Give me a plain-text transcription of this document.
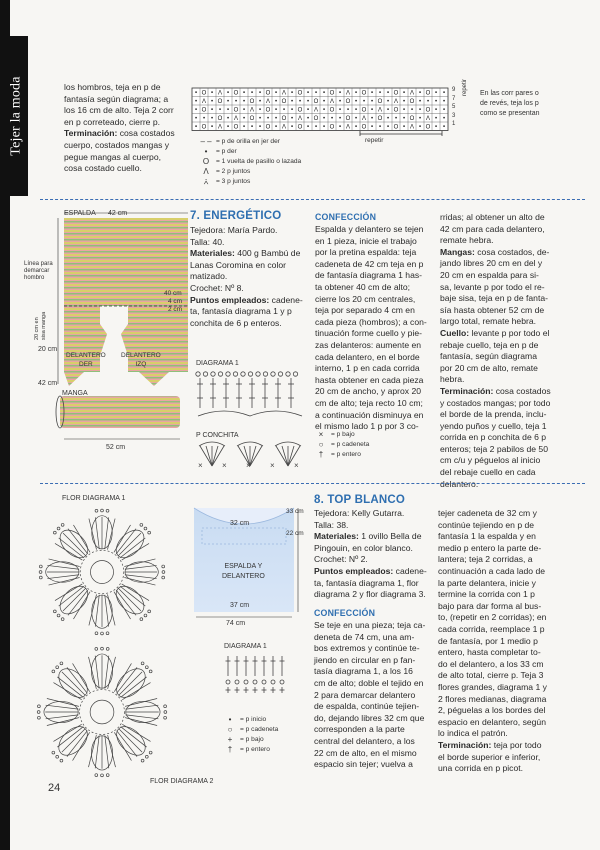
Tejer la moda	los hombros, teja en p de
fantasía según diagrama; a
los 16 cm de alto. Teja 2 corr
en p correteado, cierre p.
Terminación: cosa costados
cuerpo, costados mangas y
pegue mangas al cuerpo,
cosa costado cuello.
• O • Λ • O • • • O • Λ • O • • • O • Λ • O • • • O • Λ • O • •
• Λ • O • • • O • Λ • O • • • O • Λ • O • • • O • Λ • O • • • •
• O • • • O • Λ • O • • • O • Λ • O • • • O • Λ • O • • • O • •
• • • O • Λ • O • • • O • Λ • O • • • O • Λ • O • • • O • Λ • •
• O • Λ • O • • • O • Λ • O • • • O • Λ • O • • • O • Λ • O • •
repetir
9
7
5
3
1
repetir En las corr pares o
de revés, teja los p
como se presentan
– – = p de orilla en jer der
•	= p der
O	= 1 vuelta de pasillo o lazada
Λ	= 2 p juntos
⩑	= 3 p juntos
ESPALDA 42 cm
Línea para
demarcar
hombro
40 cm
4 cm
2 cm
20 cm en sisa manga
20 cm
42 cm
DELANTERO
DER
DELANTERO
IZQ
MANGA
52 cm
7. ENERGÉTICO
Tejedora: María Pardo.
Talla: 40.
Materiales: 400 g Bambú de
Lanas Coromina en color
matizado.
Crochet: Nº 8.
Puntos empleados: cadene-
ta, fantasía diagrama 1 y p
conchita de 6 p enteros.
DIAGRAMA 1
P CONCHITA
× × × × ×
CONFECCIÓN
Espalda y delantero se tejen
en 1 pieza, inicie el trabajo
por la pretina espalda: teja
cadeneta de 42 cm teja en p
de fantasía diagrama 1 has-
ta obtener 40 cm de alto;
cierre los 20 cm centrales,
teja por separado 4 cm en
cada pieza (hombros); a con-
tinuación forme cuello y pie-
zas delanteros: aumente en
cada delantero, en el borde
interno, 1 p en cada corrida
hasta obtener en cada pieza
20 cm de ancho, y aprox 20
cm de alto; teja recto 10 cm;
a continuación disminuya en
el mismo lado 1 p por 3 co-
×	= p bajo
○	= p cadeneta
†	= p entero
rridas; al obtener un alto de
42 cm para cada delantero,
remate hebra.
Mangas: cosa costados, de-
jando libres 20 cm en del y
20 cm en espalda para si-
sa, levante p por todo el re-
baje sisa, teja en p de fanta-
sía hasta obtener 52 cm de
largo total, remate hebra.
Cuello: levante p por todo el
rebaje cuello, teja en p de
fantasía, según diagrama
por 20 cm de alto, remate
hebra.
Terminación: cosa costados
y costados mangas; por todo
el borde de la prenda, inclu-
yendo puños y cuello, teja 1
corrida en p conchita de 6 p
enteros; teja 2 pabilos de 50
cm c/u y péguelos al inicio
del rebaje cuello en cada
delantero.
FLOR DIAGRAMA 1
FLOR DIAGRAMA 2
24
32 cm
33 cm
22 cm
ESPALDA Y
DELANTERO
37 cm
74 cm
DIAGRAMA 1
•	= p inicio
○	= p cadeneta
+	= p bajo
†	= p entero
8. TOP BLANCO
Tejedora: Kelly Gutarra.
Talla: 38.
Materiales: 1 ovillo Bella de
Pingouin, en color blanco.
Crochet: Nº 2.
Puntos empleados: cadene-
ta, fantasía diagrama 1, flor
diagrama 2 y flor diagrama 3.
CONFECCIÓN
Se teje en una pieza; teja ca-
deneta de 74 cm, una am-
bos extremos y continúe te-
jiendo en circular en p fan-
tasía diagrama 1, a los 16
cm de alto; doble el tejido en
2 para demarcar delantero
de espalda, continúe tejien-
do, dejando libres 32 cm que
corresponden a la parte
central del delantero, a los
22 cm de alto, en el mismo
espacio sin tejer; vuelva a
tejer cadeneta de 32 cm y
continúe tejiendo en p de
fantasía 1 la espalda y en
medio p entero la parte de-
lantera; teja 2 corridas, a
continuación a cada lado de
la parte delantera, inicie y
termine la corrida con 1 p
bajo para dar forma al bus-
to, (repetir en 2 corridas); en
cada corrida, reemplace 1 p
de fantasía, por 1 medio p
entero, hasta completar to-
do el delantero, a los 33 cm
de alto total, cierre p. Teja 3
flores grandes, diagrama 1 y
2 flores medianas, diagrama
2, péguelas a los bordes del
espacio en delantero, según
lo indica el patrón.
Terminación: teja por todo
el borde superior e inferior,
una corrida en p picot.
